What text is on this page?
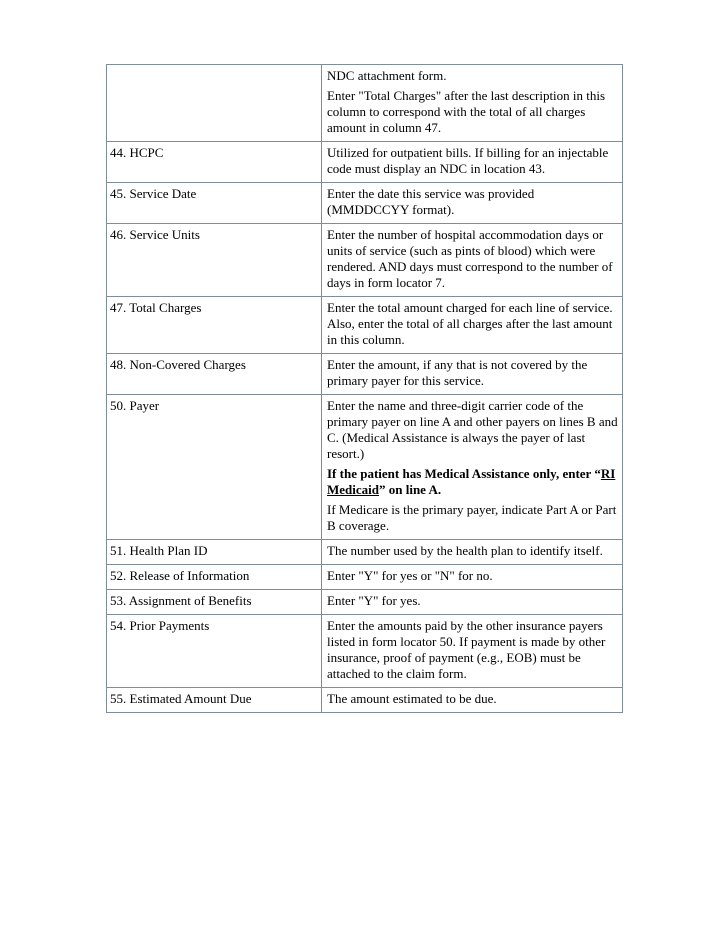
	NDC attachment form.

Enter "Total Charges" after the last description in this column to correspond with the total of all charges amount in column 47.

44. HCPC	Utilized for outpatient bills. If billing for an injectable code must display an NDC in location 43.

45. Service Date	Enter the date this service was provided (MMDDCCYY format).

46. Service Units	Enter the number of hospital accommodation days or units of service (such as pints of blood) which were rendered. AND days must correspond to the number of days in form locator 7.

47. Total Charges	Enter the total amount charged for each line of service. Also, enter the total of all charges after the last amount in this column.

48. Non-Covered Charges	Enter the amount, if any that is not covered by the primary payer for this service.

50. Payer	Enter the name and three-digit carrier code of the primary payer on line A and other payers on lines B and C. (Medical Assistance is always the payer of last resort.)

If the patient has Medical Assistance only, enter “RI Medicaid” on line A.

If Medicare is the primary payer, indicate Part A or Part B coverage.

51. Health Plan ID	The number used by the health plan to identify itself.

52. Release of Information	Enter "Y" for yes or "N" for no.

53. Assignment of Benefits	Enter "Y" for yes.

54. Prior Payments	Enter the amounts paid by the other insurance payers listed in form locator 50. If payment is made by other insurance, proof of payment (e.g., EOB) must be attached to the claim form.

55. Estimated Amount Due	The amount estimated to be due.
